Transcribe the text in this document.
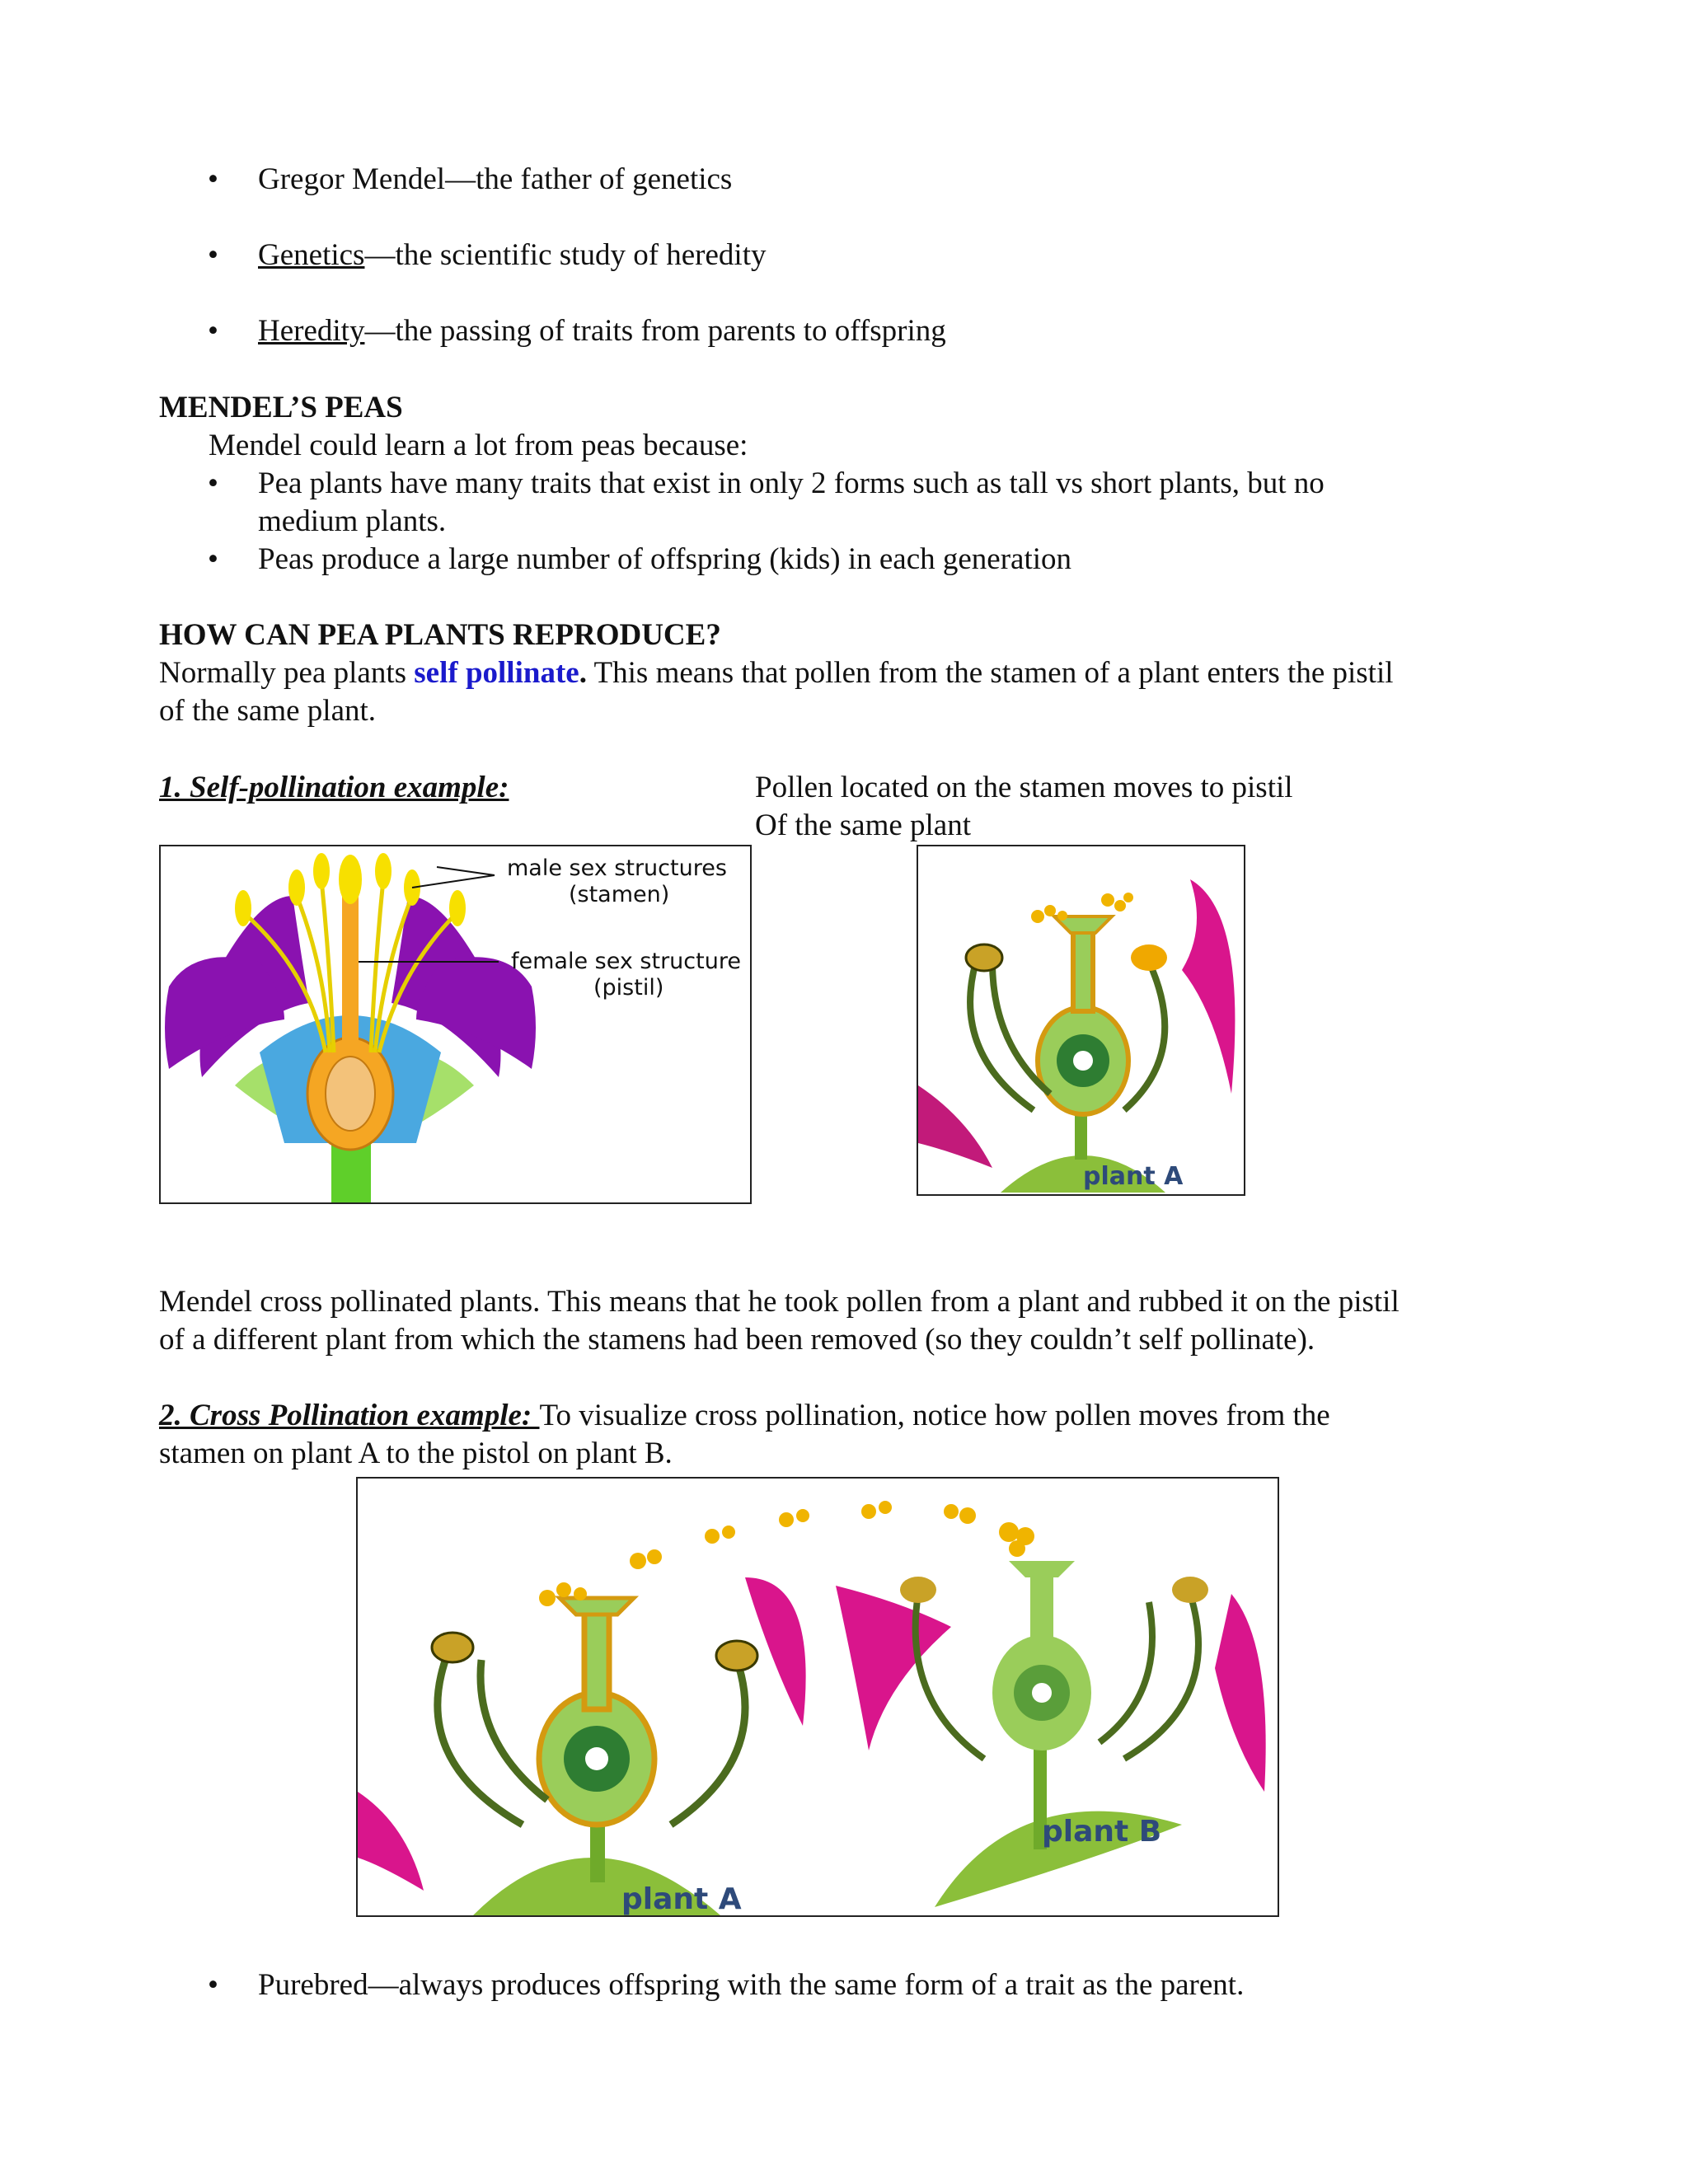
• Gregor Mendel—the father of genetics
• Genetics—the scientific study of heredity
• Heredity—the passing of traits from parents to offspring
MENDEL’S PEAS
Mendel could learn a lot from peas because:
• Pea plants have many traits that exist in only 2 forms such as tall vs short plants, but no
medium plants.
• Peas produce a large number of offspring (kids) in each generation
HOW CAN PEA PLANTS REPRODUCE?
Normally pea plants self pollinate. This means that pollen from the stamen of a plant enters the pistil
of the same plant.
1. Self-pollination example:	Pollen located on the stamen moves to pistil
Of the same plant
male sex structures
(stamen)
female sex structure
(pistil)
plant A
Mendel cross pollinated plants. This means that he took pollen from a plant and rubbed it on the pistil
of a different plant from which the stamens had been removed (so they couldn’t self pollinate).
2. Cross Pollination example: To visualize cross pollination, notice how pollen moves from the
stamen on plant A to the pistol on plant B.
plant B
plant A
• Purebred—always produces offspring with the same form of a trait as the parent.
